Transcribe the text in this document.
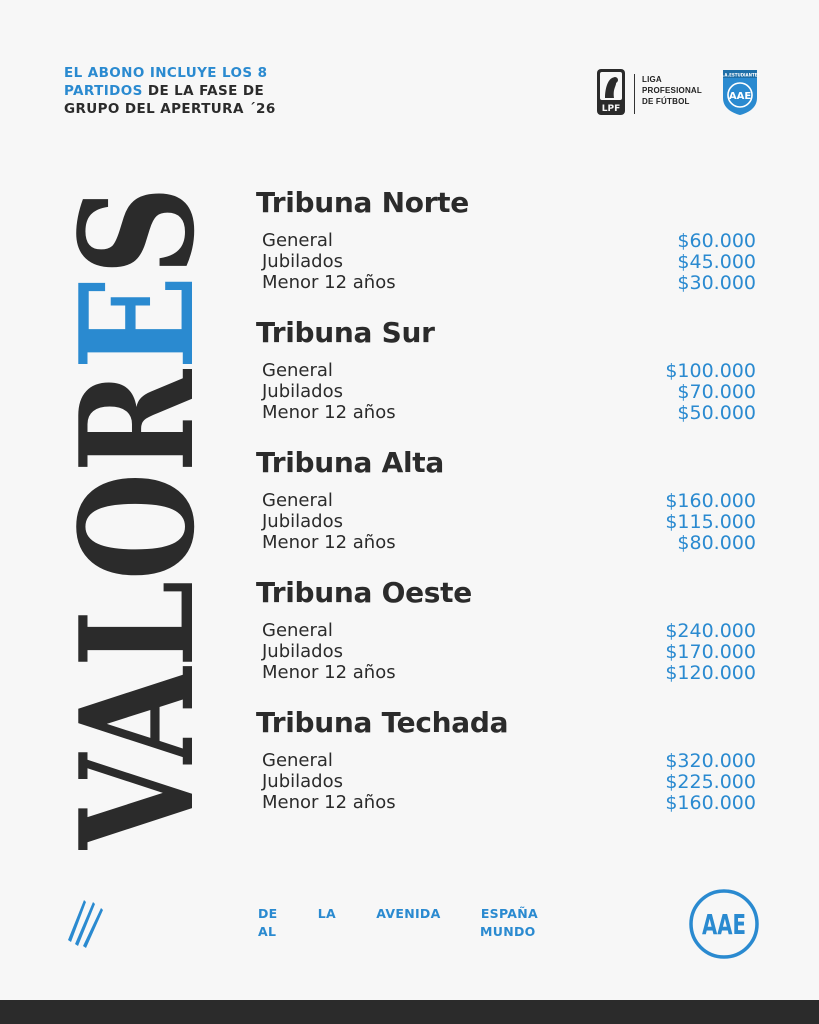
EL ABONO INCLUYE LOS 8
PARTIDOS DE LA FASE DE
GRUPO DEL APERTURA ´26	LPF
LIGA
PROFESIONAL
DE FÚTBOL
A.A.ESTUDIANTES
AAE
VALOR
Tribuna Norte
General	$60.000
Jubilados	$45.000
Menor 12 años	$30.000
Tribuna Sur
General	$100.000
Jubilados	$70.000
Menor 12 años	$50.000
Tribuna Alta
General	$160.000
Jubilados	$115.000
Menor 12 años	$80.000
Tribuna Oeste
General	$240.000
Jubilados	$170.000
Menor 12 años	$120.000
Tribuna Techada
General	$320.000
Jubilados	$225.000
Menor 12 años	$160.000
DE	LA	AVENIDA	ESPAÑA
AL	MUNDO	AAE
